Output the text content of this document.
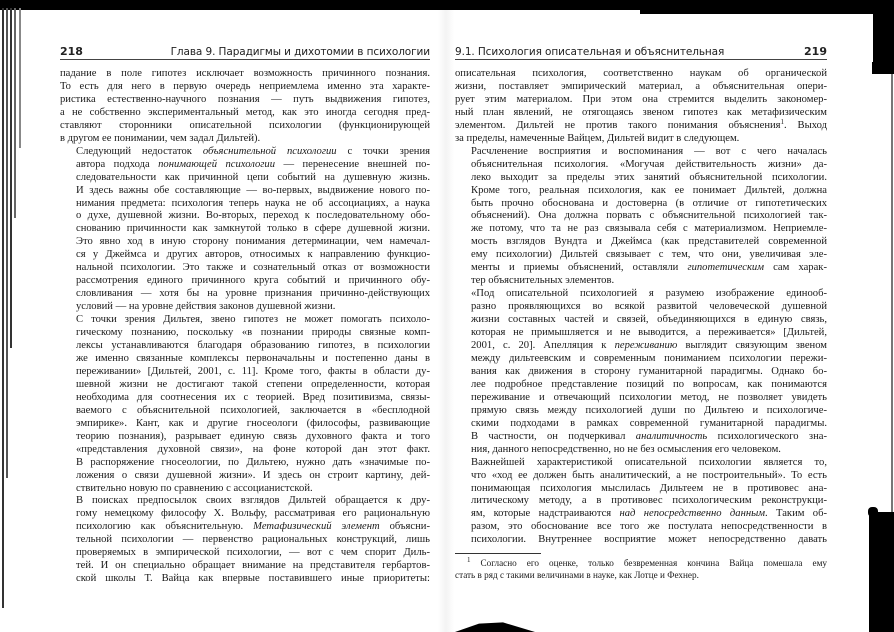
218	Глава 9. Парадигмы и дихотомии в психологии

падание в поле гипотез исключает возможность причинного познания.
То есть для него в первую очередь неприемлема именно эта характе-
ристика естественно-научного познания — путь выдвижения гипотез,
а не собственно экспериментальный метод, как это иногда сегодня пред-
ставляют сторонники описательной психологии (функционирующей
в другом ее понимании, чем задал Дильтей).

Следующий недостаток объяснительной психологии с точки зрения
автора подхода понимающей психологии — перенесение внешней по-
следовательности как причинной цепи событий на душевную жизнь.
И здесь важны обе составляющие — во-первых, выдвижение нового по-
нимания предмета: психология теперь наука не об ассоциациях, а наука
о духе, душевной жизни. Во-вторых, переход к последовательному обо-
снованию причинности как замкнутой только в сфере душевной жизни.
Это явно ход в иную сторону понимания детерминации, чем намечал-
ся у Джеймса и других авторов, относимых к направлению функцио-
нальной психологии. Это также и сознательный отказ от возможности
рассмотрения единого причинного круга событий и причинного обу-
словливания — хотя бы на уровне признания причинно-действующих
условий — на уровне действия законов душевной жизни.

С точки зрения Дильтея, звено гипотез не может помогать психоло-
гическому познанию, поскольку «в познании природы связные комп-
лексы устанавливаются благодаря образованию гипотез, в психологии
же именно связанные комплексы первоначальны и постепенно даны в
переживании» [Дильтей, 2001, с. 11]. Кроме того, факты в области ду-
шевной жизни не достигают такой степени определенности, которая
необходима для соотнесения их с теорией. Вред позитивизма, связы-
ваемого с объяснительной психологией, заключается в «бесплодной
эмпирике». Кант, как и другие гносеологи (философы, развивающие
теорию познания), разрывает единую связь духовного факта и того
«представления духовной связи», на фоне которой дан этот факт.
В распоряжение гносеологии, по Дильтею, нужно дать «значимые по-
ложения о связи душевной жизни». И здесь он строит картину, дей-
ствительно новую по сравнению с ассоцианистской.

В поисках предпосылок своих взглядов Дильтей обращается к дру-
гому немецкому философу Х. Вольфу, рассматривая его рациональную
психологию как объяснительную. Метафизический элемент объясни-
тельной психологии — первенство рациональных конструкций, лишь
проверяемых в эмпирической психологии, — вот с чем спорит Диль-
тей. И он специально обращает внимание на представителя гербартов-
ской школы Т. Вайца как впервые поставившего иные приоритеты:

9.1. Психология описательная и объяснительная	219

описательная психология, соответственно наукам об органической
жизни, поставляет эмпирический материал, а объяснительная опери-
рует этим материалом. При этом она стремится выделить закономер-
ный план явлений, не отягощаясь звеном гипотез как метафизическим
элементом. Дильтей не против такого понимания объяснения$^1$. Выход
за пределы, намеченные Вайцем, Дильтей видит в следующем.

Расчленение восприятия и воспоминания — вот с чего началась
объяснительная психология. «Могучая действительность жизни» да-
леко выходит за пределы этих занятий объяснительной психологии.
Кроме того, реальная психология, как ее понимает Дильтей, должна
быть прочно обоснована и достоверна (в отличие от гипотетических
объяснений). Она должна порвать с объяснительной психологией так-
же потому, что та не раз связывала себя с материализмом. Неприемле-
мость взглядов Вундта и Джеймса (как представителей современной
ему психологии) Дильтей связывает с тем, что они, увеличивая эле-
менты и приемы объяснений, оставляли гипотетическим сам харак-
тер объяснительных элементов.

«Под описательной психологией я разумею изображение единооб-
разно проявляющихся во всякой развитой человеческой душевной
жизни составных частей и связей, объединяющихся в единую связь,
которая не примышляется и не выводится, а переживается» [Дильтей,
2001, с. 20]. Апелляция к переживанию выглядит связующим звеном
между дильтеевским и современным пониманием психологии пережи-
вания как движения в сторону гуманитарной парадигмы. Однако бо-
лее подробное представление позиций по вопросам, как понимаются
переживание и отвечающий психологии метод, не позволяет увидеть
прямую связь между психологией души по Дильтею и психологиче-
скими подходами в рамках современной гуманитарной парадигмы.
В частности, он подчеркивал аналитичность психологического зна-
ния, данного непосредственно, но не без осмысления его человеком.

Важнейшей характеристикой описательной психологии является то,
что «ход ее должен быть аналитический, а не построительный». То есть
понимающая психология мыслилась Дильтеем не в противовес ана-
литическому методу, а в противовес психологическим реконструкци-
ям, которые надстраиваются над непосредственно данным. Таким об-
разом, это обоснование все того же постулата непосредственности в
психологии. Внутреннее восприятие может непосредственно давать

$^1$ Согласно его оценке, только безвременная кончина Вайца помешала ему
стать в ряд с такими величинами в науке, как Лотце и Фехнер.
